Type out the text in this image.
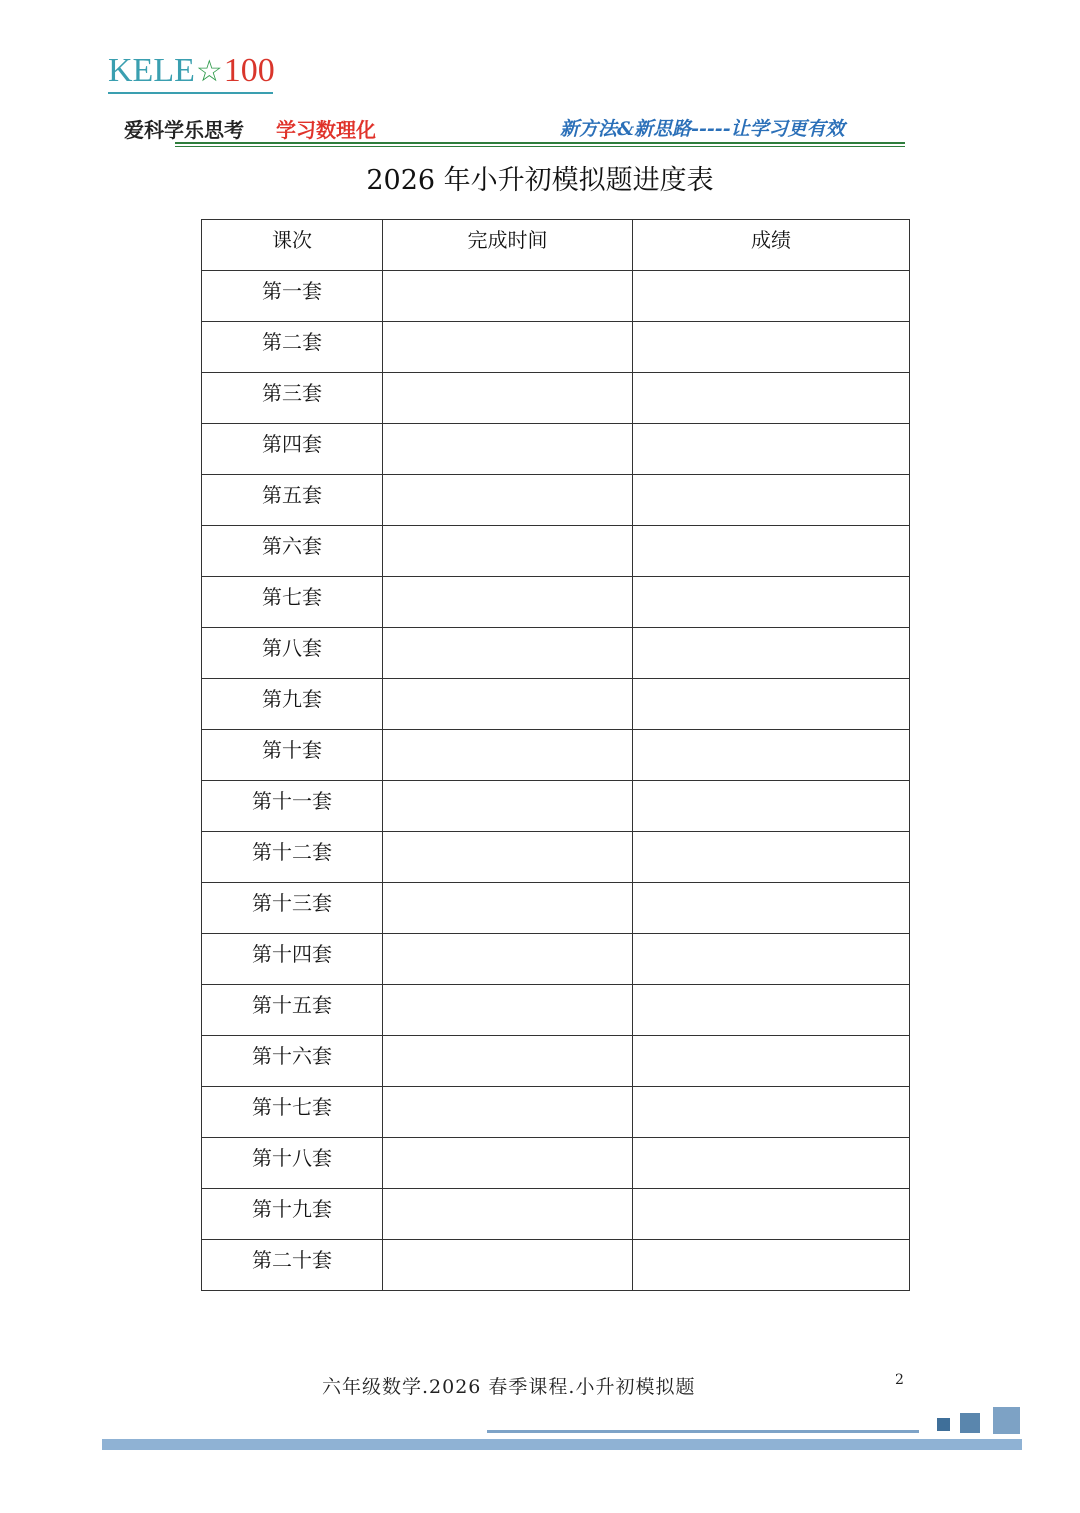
KELE☆100
爱科学乐思考 学习数理化	新方法&新思路-----让学习更有效
2026 年小升初模拟题进度表
课次	完成时间	成绩

第一套		

第二套		

第三套		

第四套		

第五套		

第六套		

第七套		

第八套		

第九套		

第十套		

第十一套		

第十二套		

第十三套		

第十四套		

第十五套		

第十六套		

第十七套		

第十八套		

第十九套		

第二十套		

六年级数学.2026 春季课程.小升初模拟题	2
